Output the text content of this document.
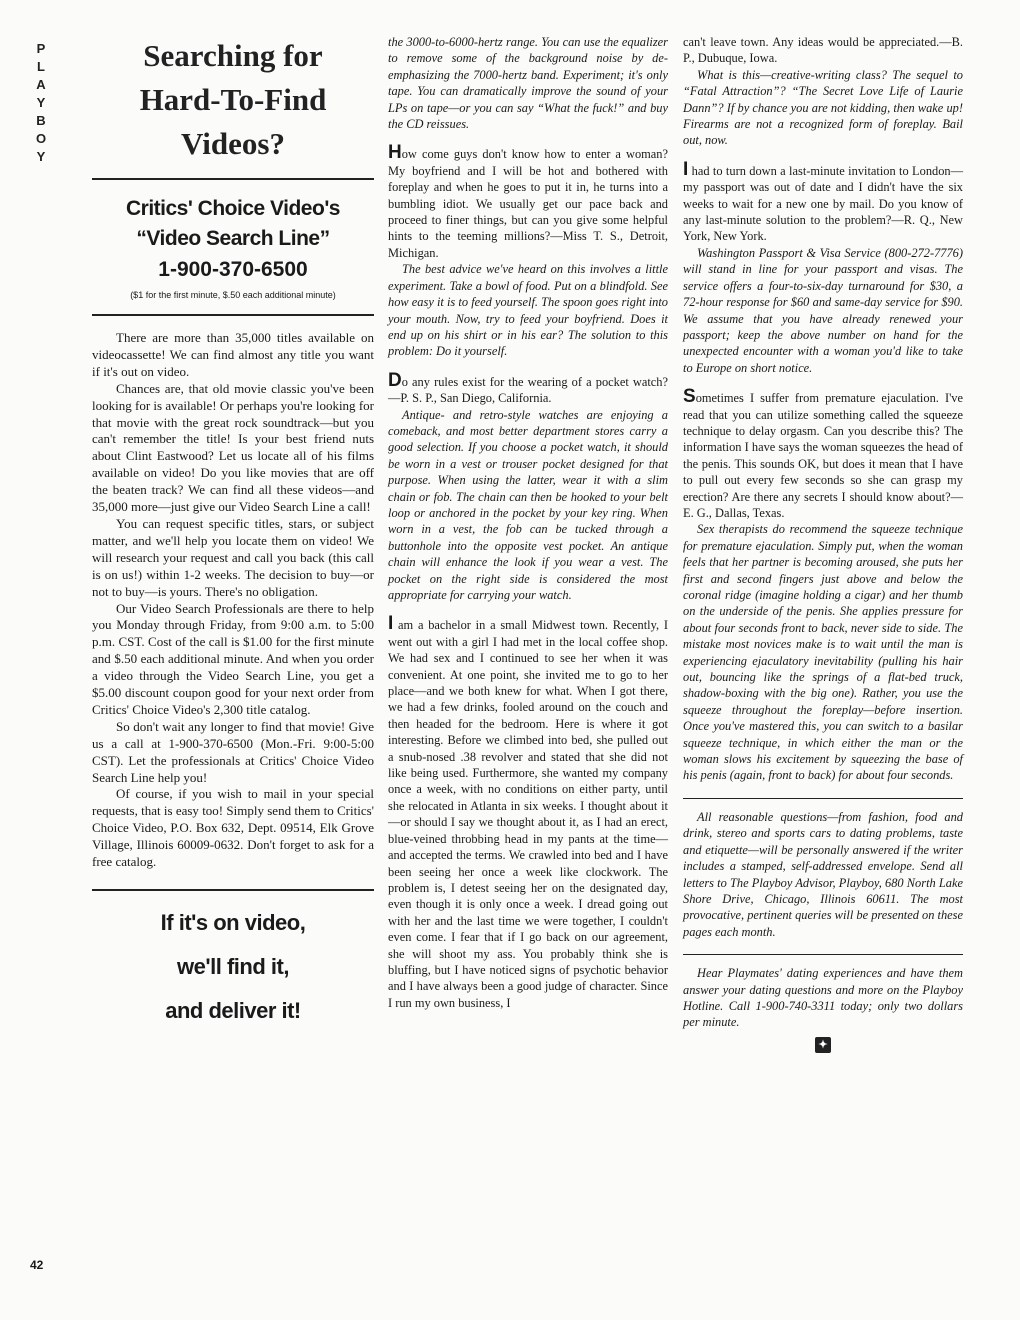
P
L
A
Y
B
O
Y
42
Searching for
Hard-To-Find
Videos?
Critics' Choice Video's
“Video Search Line”
1-900-370-6500
($1 for the first minute, $.50 each additional minute)

There are more than 35,000 titles available on videocassette! We can find almost any title you want if it's out on video.

Chances are, that old movie classic you've been looking for is available! Or perhaps you're looking for that movie with the great rock soundtrack—but you can't remember the title! Is your best friend nuts about Clint Eastwood? Let us locate all of his films available on video! Do you like movies that are off the beaten track? We can find all these videos—and 35,000 more—just give our Video Search Line a call!

You can request specific titles, stars, or subject matter, and we'll help you locate them on video! We will research your request and call you back (this call is on us!) within 1-2 weeks. The decision to buy—or not to buy—is yours. There's no obligation.

Our Video Search Professionals are there to help you Monday through Friday, from 9:00 a.m. to 5:00 p.m. CST. Cost of the call is $1.00 for the first minute and $.50 each additional minute. And when you order a video through the Video Search Line, you get a $5.00 discount coupon good for your next order from Critics' Choice Video's 2,300 title catalog.

So don't wait any longer to find that movie! Give us a call at 1-900-370-6500 (Mon.-Fri. 9:00-5:00 CST). Let the professionals at Critics' Choice Video Search Line help you!

Of course, if you wish to mail in your special requests, that is easy too! Simply send them to Critics' Choice Video, P.O. Box 632, Dept. 09514, Elk Grove Village, Illinois 60009-0632. Don't forget to ask for a free catalog.

If it's on video,
we'll find it,
and deliver it!

the 3000-to-6000-hertz range. You can use the equalizer to remove some of the background noise by de-emphasizing the 7000-hertz band. Experiment; it's only tape. You can dramatically improve the sound of your LPs on tape—or you can say “What the fuck!” and buy the CD reissues.

How come guys don't know how to enter a woman? My boyfriend and I will be hot and bothered with foreplay and when he goes to put it in, he turns into a bumbling idiot. We usually get our pace back and proceed to finer things, but can you give some helpful hints to the teeming millions?—Miss T. S., Detroit, Michigan.

The best advice we've heard on this involves a little experiment. Take a bowl of food. Put on a blindfold. See how easy it is to feed yourself. The spoon goes right into your mouth. Now, try to feed your boyfriend. Does it end up on his shirt or in his ear? The solution to this problem: Do it yourself.

Do any rules exist for the wearing of a pocket watch?—P. S. P., San Diego, California.

Antique- and retro-style watches are enjoying a comeback, and most better department stores carry a good selection. If you choose a pocket watch, it should be worn in a vest or trouser pocket designed for that purpose. When using the latter, wear it with a slim chain or fob. The chain can then be hooked to your belt loop or anchored in the pocket by your key ring. When worn in a vest, the fob can be tucked through a buttonhole into the opposite vest pocket. An antique chain will enhance the look if you wear a vest. The pocket on the right side is considered the most appropriate for carrying your watch.

I am a bachelor in a small Midwest town. Recently, I went out with a girl I had met in the local coffee shop. We had sex and I continued to see her when it was convenient. At one point, she invited me to go to her place—and we both knew for what. When I got there, we had a few drinks, fooled around on the couch and then headed for the bedroom. Here is where it got interesting. Before we climbed into bed, she pulled out a snub-nosed .38 revolver and stated that she did not like being used. Furthermore, she wanted my company once a week, with no conditions on either party, until she relocated in Atlanta in six weeks. I thought about it—or should I say we thought about it, as I had an erect, blue-veined throbbing head in my pants at the time—and accepted the terms. We crawled into bed and I have been seeing her once a week like clockwork. The problem is, I detest seeing her on the designated day, even though it is only once a week. I dread going out with her and the last time we were together, I couldn't even come. I fear that if I go back on our agreement, she will shoot my ass. You probably think she is bluffing, but I have noticed signs of psychotic behavior and I have always been a good judge of character. Since I run my own business, I

can't leave town. Any ideas would be appreciated.—B. P., Dubuque, Iowa.

What is this—creative-writing class? The sequel to “Fatal Attraction”? “The Secret Love Life of Laurie Dann”? If by chance you are not kidding, then wake up! Firearms are not a recognized form of foreplay. Bail out, now.

I had to turn down a last-minute invitation to London—my passport was out of date and I didn't have the six weeks to wait for a new one by mail. Do you know of any last-minute solution to the problem?—R. Q., New York, New York.

Washington Passport & Visa Service (800-272-7776) will stand in line for your passport and visas. The service offers a four-to-six-day turnaround for $30, a 72-hour response for $60 and same-day service for $90. We assume that you have already renewed your passport; keep the above number on hand for the unexpected encounter with a woman you'd like to take to Europe on short notice.

Sometimes I suffer from premature ejaculation. I've read that you can utilize something called the squeeze technique to delay orgasm. Can you describe this? The information I have says the woman squeezes the head of the penis. This sounds OK, but does it mean that I have to pull out every few seconds so she can grasp my erection? Are there any secrets I should know about?—E. G., Dallas, Texas.

Sex therapists do recommend the squeeze technique for premature ejaculation. Simply put, when the woman feels that her partner is becoming aroused, she puts her first and second fingers just above and below the coronal ridge (imagine holding a cigar) and her thumb on the underside of the penis. She applies pressure for about four seconds front to back, never side to side. The mistake most novices make is to wait until the man is experiencing ejaculatory inevitability (pulling his hair out, bouncing like the springs of a flat-bed truck, shadow-boxing with the big one). Rather, you use the squeeze throughout the foreplay—before insertion. Once you've mastered this, you can switch to a basilar squeeze technique, in which either the man or the woman slows his excitement by squeezing the base of his penis (again, front to back) for about four seconds.

All reasonable questions—from fashion, food and drink, stereo and sports cars to dating problems, taste and etiquette—will be personally answered if the writer includes a stamped, self-addressed envelope. Send all letters to The Playboy Advisor, Playboy, 680 North Lake Shore Drive, Chicago, Illinois 60611. The most provocative, pertinent queries will be presented on these pages each month.

Hear Playmates' dating experiences and have them answer your dating questions and more on the Playboy Hotline. Call 1-900-740-3311 today; only two dollars per minute.

✦
